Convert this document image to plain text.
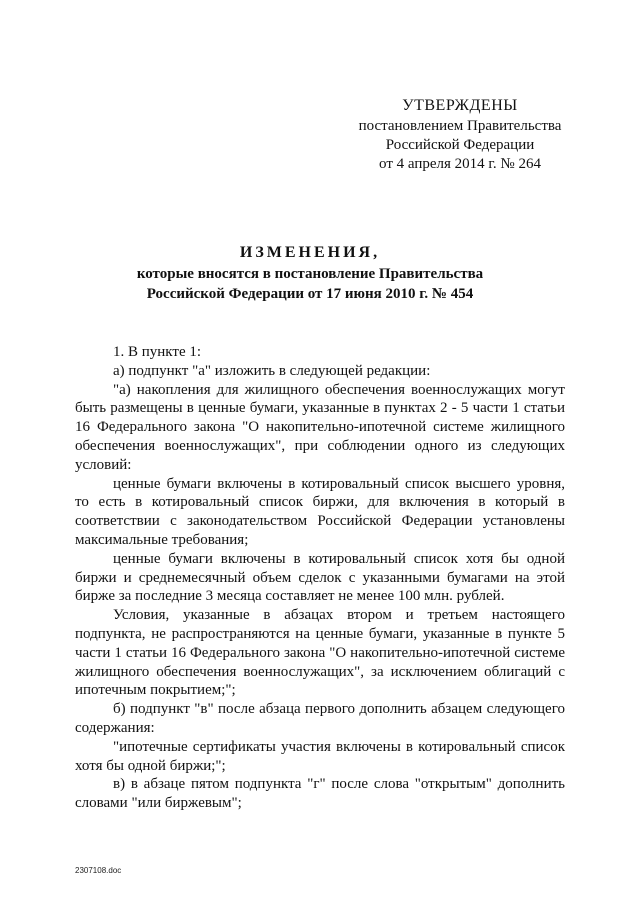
УТВЕРЖДЕНЫ
постановлением Правительства
Российской Федерации
от 4 апреля 2014 г. № 264
ИЗМЕНЕНИЯ,
которые вносятся в постановление Правительства
Российской Федерации от 17 июня 2010 г. № 454

1. В пункте 1:

а) подпункт "а" изложить в следующей редакции:

"а) накопления для жилищного обеспечения военнослужащих могут быть размещены в ценные бумаги, указанные в пунктах 2 - 5 части 1 статьи 16 Федерального закона "О накопительно-ипотечной системе жилищного обеспечения военнослужащих", при соблюдении одного из следующих условий:

ценные бумаги включены в котировальный список высшего уровня, то есть в котировальный список биржи, для включения в который в соответствии с законодательством Российской Федерации установлены максимальные требования;

ценные бумаги включены в котировальный список хотя бы одной биржи и среднемесячный объем сделок с указанными бумагами на этой бирже за последние 3 месяца составляет не менее 100 млн. рублей.

Условия, указанные в абзацах втором и третьем настоящего подпункта, не распространяются на ценные бумаги, указанные в пункте 5 части 1 статьи 16 Федерального закона "О накопительно-ипотечной системе жилищного обеспечения военнослужащих", за исключением облигаций с ипотечным покрытием;";

б) подпункт "в" после абзаца первого дополнить абзацем следующего содержания:

"ипотечные сертификаты участия включены в котировальный список хотя бы одной биржи;";

в) в абзаце пятом подпункта "г" после слова "открытым" дополнить словами "или биржевым";

2307108.doc
